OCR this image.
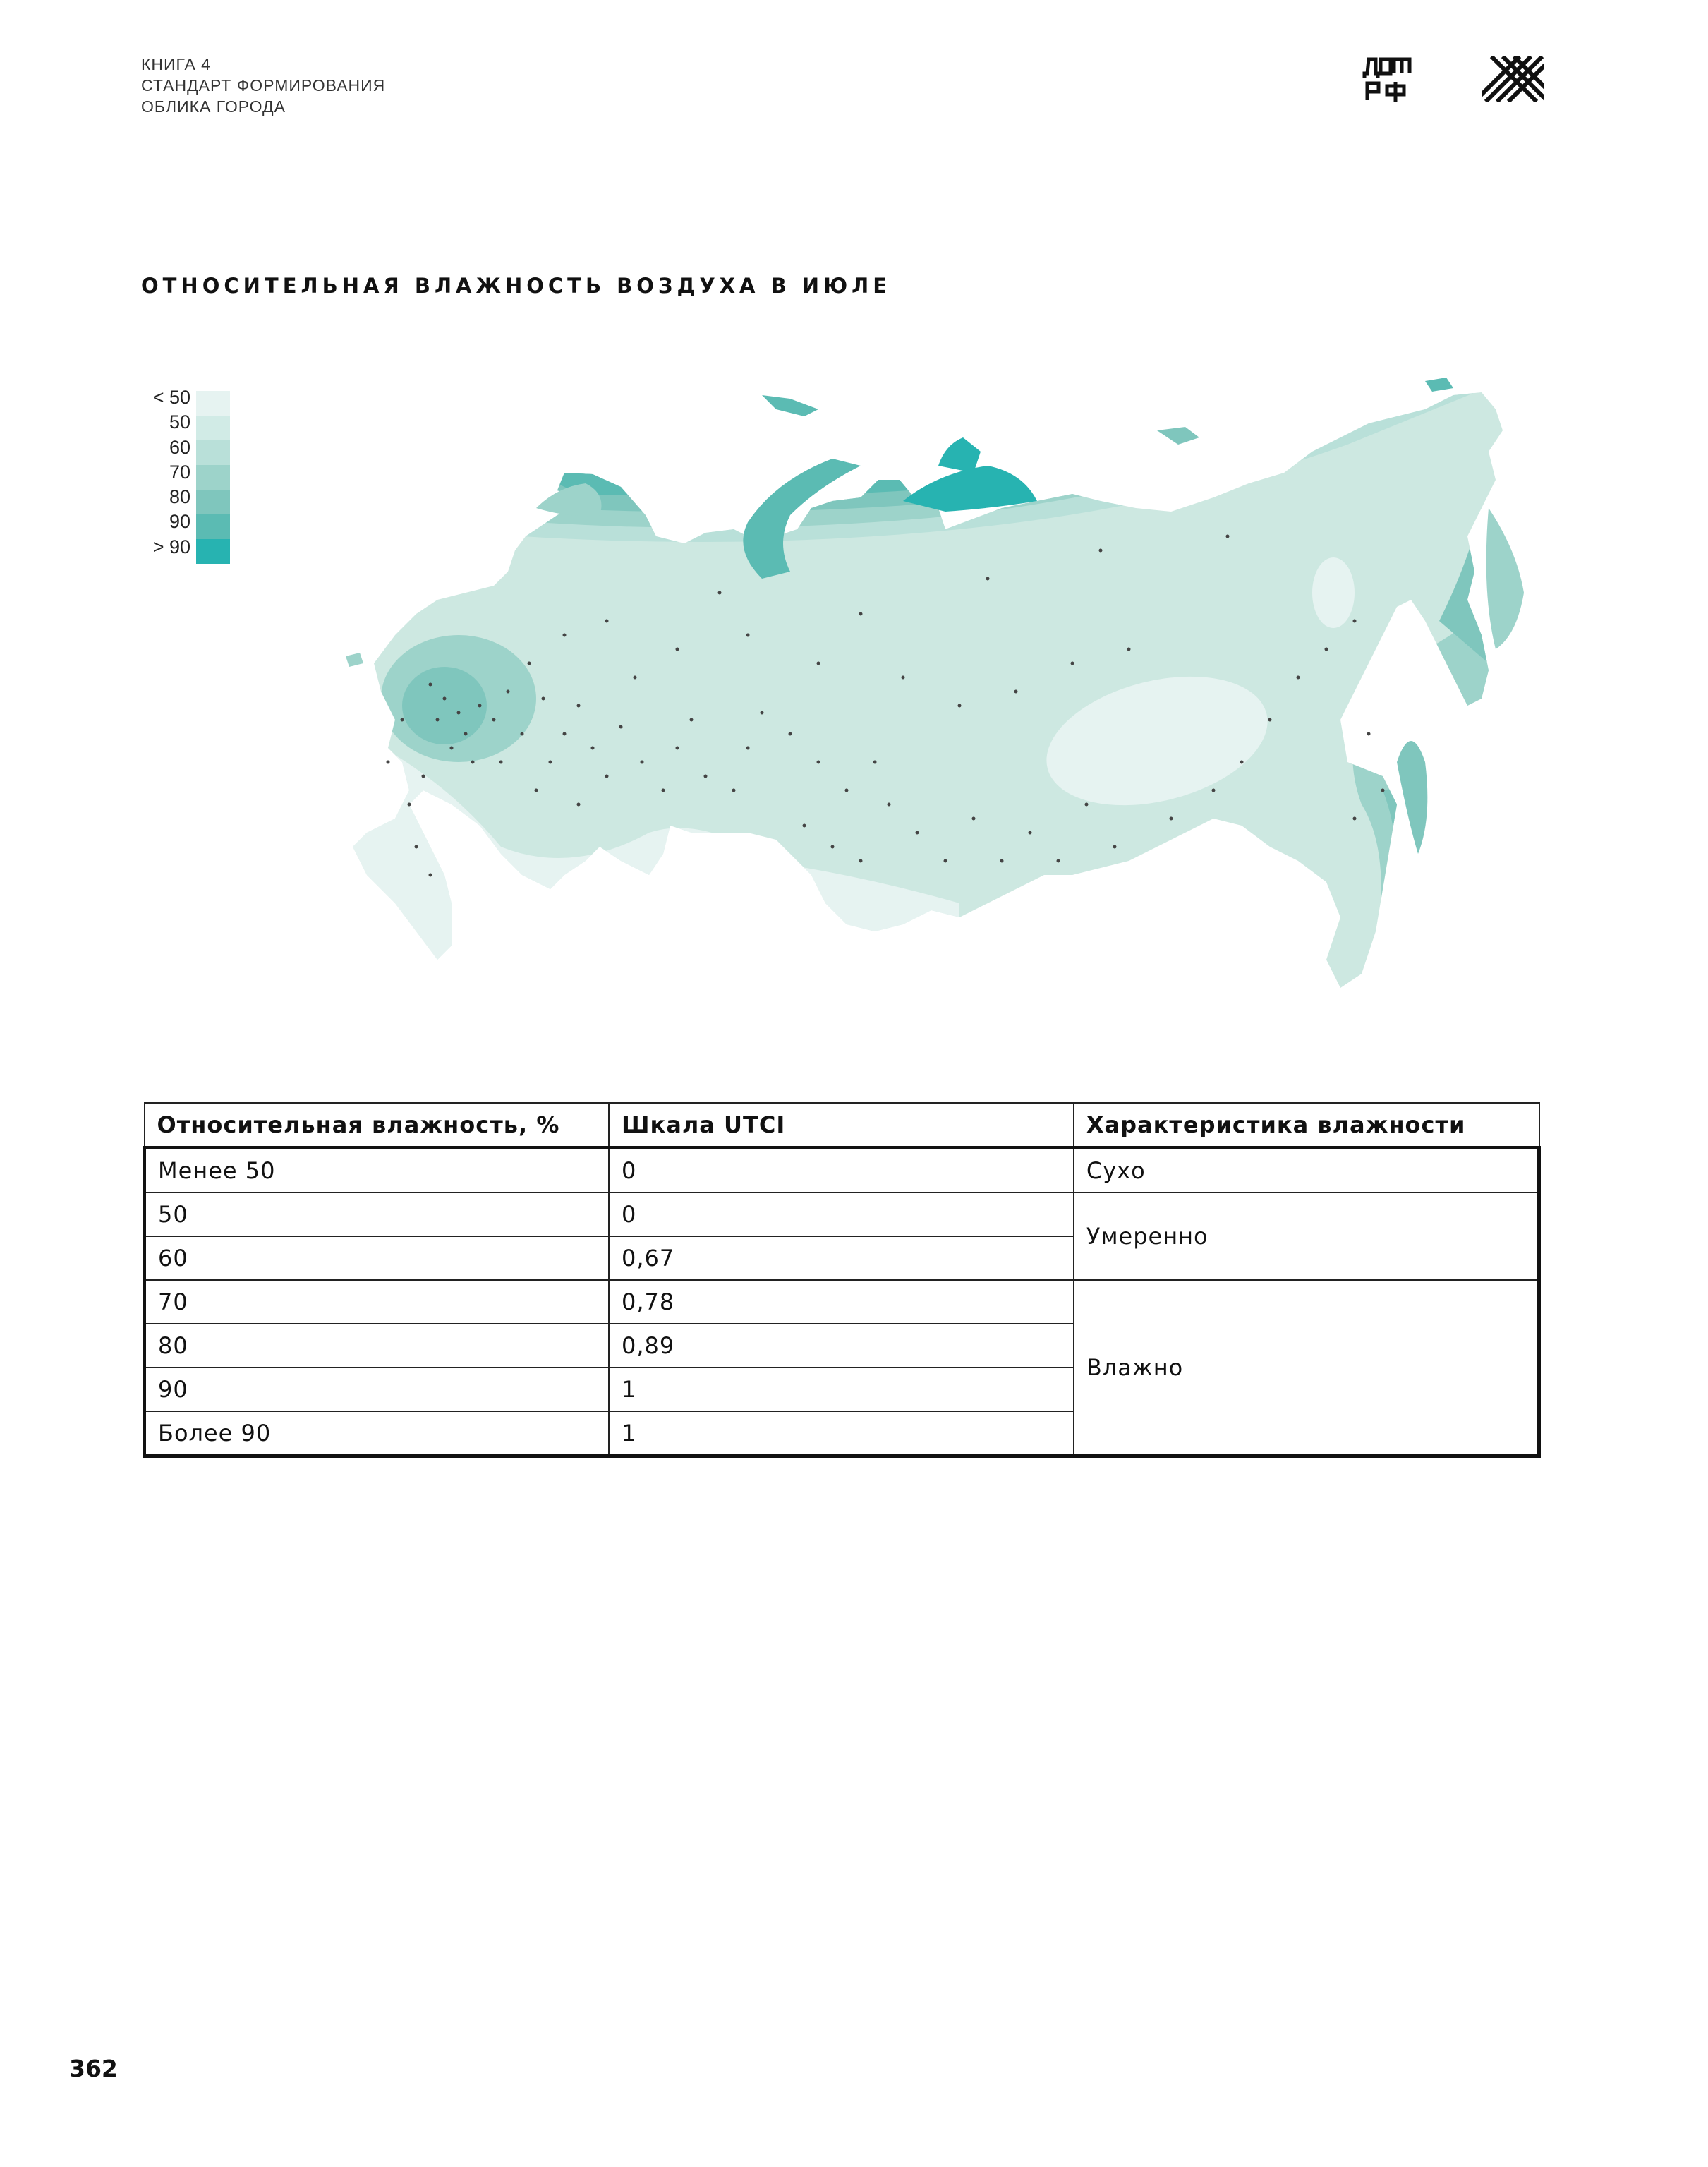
КНИГА 4
СТАНДАРТ ФОРМИРОВАНИЯ
ОБЛИКА ГОРОДА
ОТНОСИТЕЛЬНАЯ ВЛАЖНОСТЬ ВОЗДУХА В ИЮЛЕ
< 50
50
60
70
80
90
> 90
Относительная влажность, %	Шкала UTCI	Характеристика влажности
Менее 50	0	Сухо
50	0	Умеренно
60	0,67	
70	0,78	Влажно
80	0,89	
90	1	
Более 90	1	
362
